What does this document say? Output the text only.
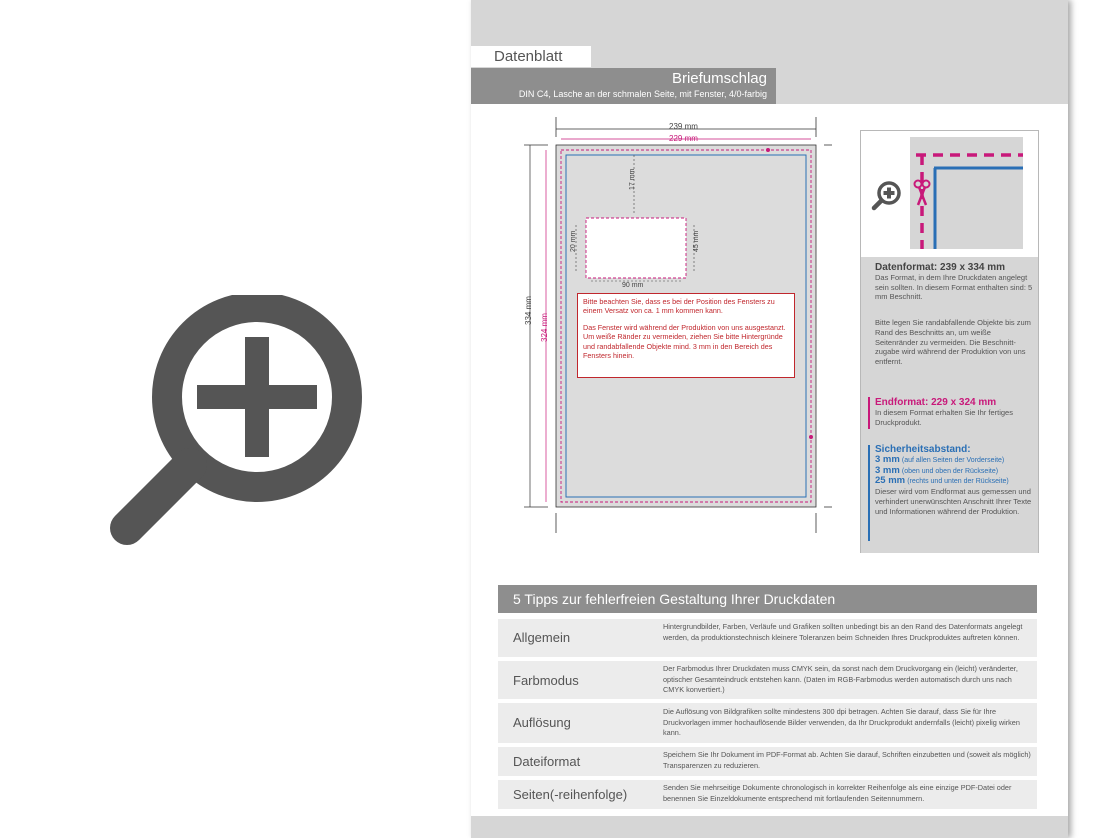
Datenblatt
Briefumschlag
DIN C4, Lasche an der schmalen Seite, mit Fenster, 4/0-farbig
239 mm
229 mm
334 mm
324 mm
17 mm
20 mm
90 mm
45 mm

Bitte beachten Sie, dass es bei der Position des Fensters zu einem Versatz von ca. 1 mm kommen kann.

Das Fenster wird während der Produktion von uns ausgestanzt. Um weiße Ränder zu vermeiden, ziehen Sie bitte Hintergründe und randabfallende Objekte mind. 3 mm in den Bereich des Fensters hinein.

Datenformat: 239 x 334 mm
Das Format, in dem Ihre Druckdaten angelegt sein sollten. In diesem Format enthalten sind: 5 mm Beschnitt.
Bitte legen Sie randabfallende Objekte bis zum Rand des Beschnitts an, um weiße Seitenränder zu vermeiden. Die Beschnitt-zugabe wird während der Produktion von uns entfernt.
Endformat: 229 x 324 mm
In diesem Format erhalten Sie Ihr fertiges Druckprodukt.
Sicherheitsabstand:
3 mm (auf allen Seiten der Vorderseite)
3 mm (oben und oben der Rückseite)
25 mm (rechts und unten der Rückseite)
Dieser wird vom Endformat aus gemessen und verhindert unerwünschten Anschnitt Ihrer Texte und Informationen während der Produktion.
5 Tipps zur fehlerfreien Gestaltung Ihrer Druckdaten
Allgemein
Hintergrundbilder, Farben, Verläufe und Grafiken sollten unbedingt bis an den Rand des Datenformats angelegt werden, da produktionstechnisch kleinere Toleranzen beim Schneiden Ihres Druckproduktes auftreten können.
Farbmodus
Der Farbmodus Ihrer Druckdaten muss CMYK sein, da sonst nach dem Druckvorgang ein (leicht) veränderter, optischer Gesamteindruck entstehen kann. (Daten im RGB-Farbmodus werden automatisch durch uns nach CMYK konvertiert.)
Auflösung
Die Auflösung von Bildgrafiken sollte mindestens 300 dpi betragen. Achten Sie darauf, dass Sie für Ihre Druckvorlagen immer hochauflösende Bilder verwenden, da Ihr Druckprodukt andernfalls (leicht) pixelig wirken kann.
Dateiformat	Speichern Sie Ihr Dokument im PDF-Format ab. Achten Sie darauf, Schriften einzubetten und (soweit als möglich) Transparenzen zu reduzieren.
Seiten(-reihenfolge)	Senden Sie mehrseitige Dokumente chronologisch in korrekter Reihenfolge als eine einzige PDF-Datei oder benennen Sie Einzeldokumente entsprechend mit fortlaufenden Seitennummern.
